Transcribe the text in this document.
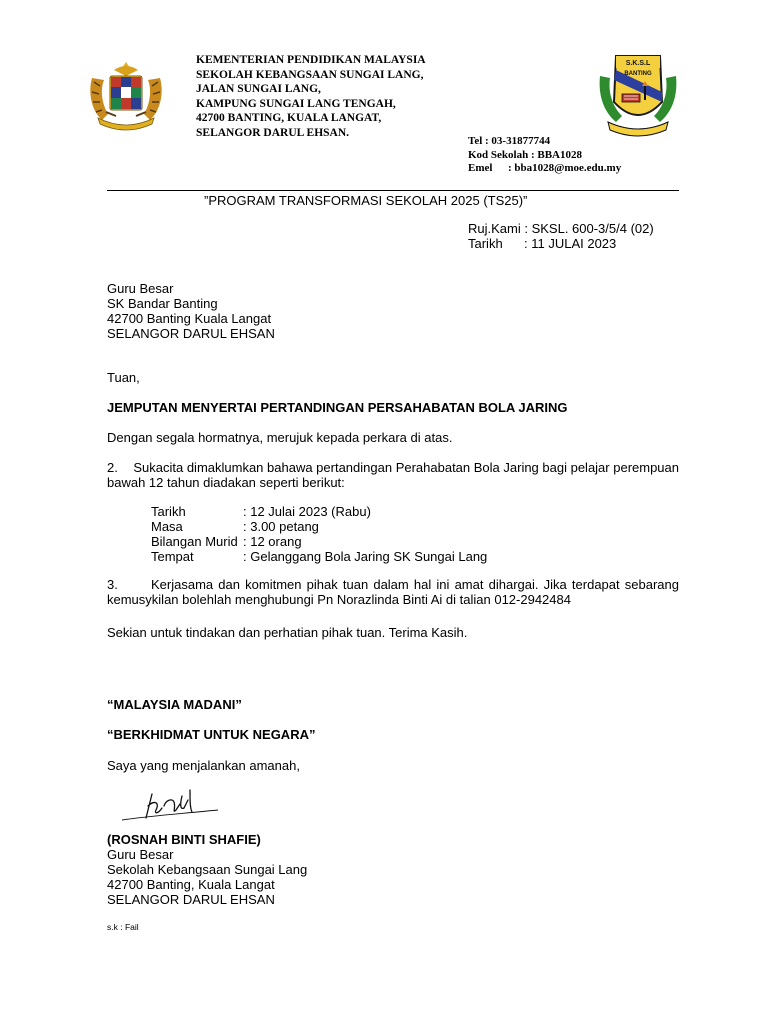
KEMENTERIAN PENDIDIKAN MALAYSIA
SEKOLAH KEBANGSAAN SUNGAI LANG,
JALAN SUNGAI LANG,
KAMPUNG SUNGAI LANG TENGAH,
42700 BANTING, KUALA LANGAT,
SELANGOR DARUL EHSAN.
S.K.S.L
BANTING
Tel : 03-31877744
Kod Sekolah : BBA1028
Emel : bba1028@moe.edu.my
”PROGRAM TRANSFORMASI SEKOLAH 2025 (TS25)”
Ruj.Kami : SKSL. 600-3/5/4 (02)
Tarikh	: 11 JULAI 2023
Guru Besar
SK Bandar Banting
42700 Banting Kuala Langat
SELANGOR DARUL EHSAN
Tuan,
JEMPUTAN MENYERTAI PERTANDINGAN PERSAHABATAN BOLA JARING
Dengan segala hormatnya, merujuk kepada perkara di atas.
2.	Sukacita dimaklumkan bahawa pertandingan Perahabatan Bola Jaring bagi pelajar perempuan
bawah 12 tahun diadakan seperti berikut:
Tarikh	: 12 Julai 2023 (Rabu)
Masa	: 3.00 petang
Bilangan Murid : 12 orang
Tempat	: Gelanggang Bola Jaring SK Sungai Lang
3.	Kerjasama dan komitmen pihak tuan dalam hal ini amat dihargai. Jika terdapat sebarang
kemusykilan bolehlah menghubungi Pn Norazlinda Binti Ai di talian 012-2942484
Sekian untuk tindakan dan perhatian pihak tuan. Terima Kasih.
“MALAYSIA MADANI”
“BERKHIDMAT UNTUK NEGARA”
Saya yang menjalankan amanah,
(ROSNAH BINTI SHAFIE)
Guru Besar
Sekolah Kebangsaan Sungai Lang
42700 Banting, Kuala Langat
SELANGOR DARUL EHSAN
s.k : Fail
